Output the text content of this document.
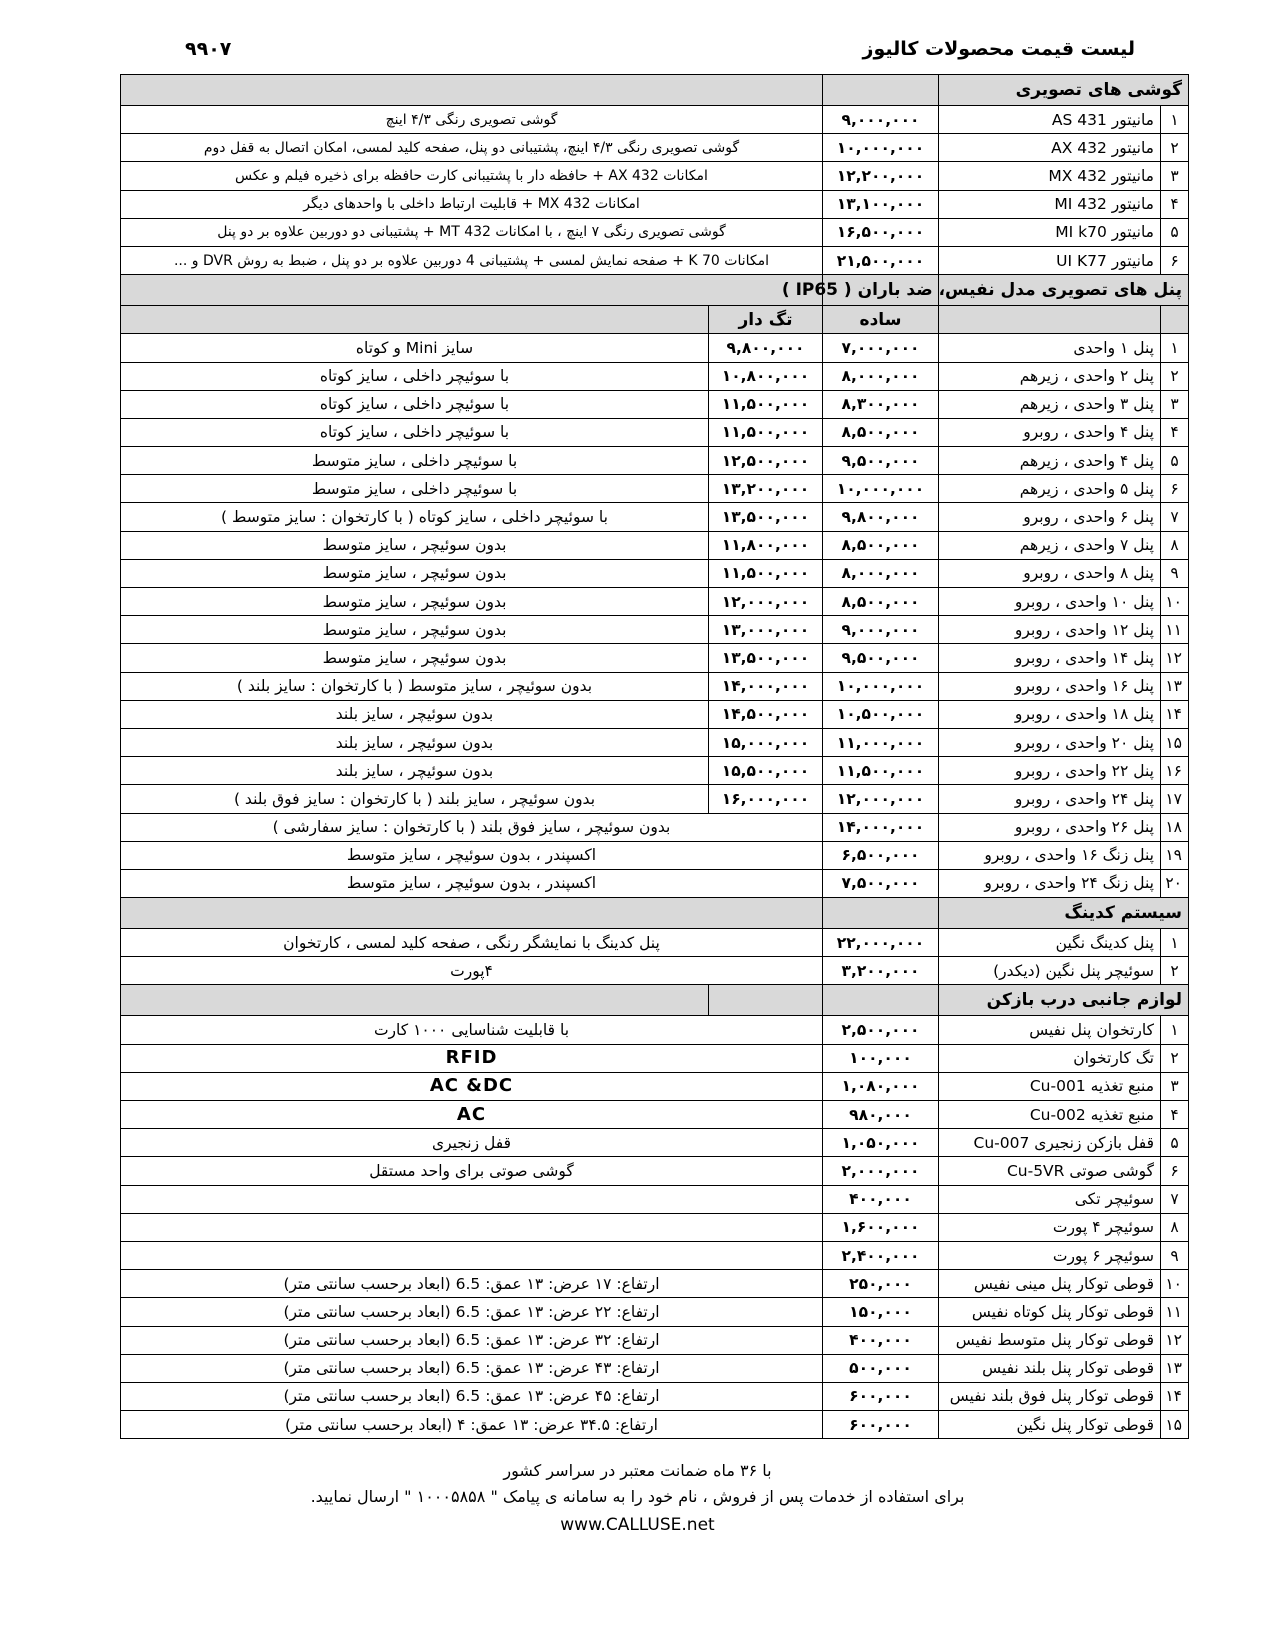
لیست قیمت محصولات کالیوز
۹۹۰۷
گوشی های تصویری				
۱	مانیتور AS 431	۹,۰۰۰,۰۰۰	گوشی تصویری رنگی ۴/۳ اینچ	
۲	مانیتور AX 432	۱۰,۰۰۰,۰۰۰	گوشی تصویری رنگی ۴/۳ اینچ، پشتیبانی دو پنل، صفحه کلید لمسی، امکان اتصال به قفل دوم	
۳	مانیتور MX 432	۱۲,۲۰۰,۰۰۰	امکانات AX 432 + حافظه دار با پشتیبانی کارت حافظه برای ذخیره فیلم و عکس	
۴	مانیتور MI 432	۱۳,۱۰۰,۰۰۰	امکانات MX 432 + قابلیت ارتباط داخلی با واحدهای دیگر	
۵	مانیتور MI k70	۱۶,۵۰۰,۰۰۰	گوشی تصویری رنگی ۷ اینچ ، با امکانات MT 432 + پشتیبانی دو دوربین علاوه بر دو پنل	
۶	مانیتور UI K77	۲۱,۵۰۰,۰۰۰	امکانات K 70 + صفحه نمایش لمسی + پشتیبانی 4 دوربین علاوه بر دو پنل ، ضبط به روش DVR و ...	
پنل های تصویری مدل نفیس، ضد باران ( IP65 )				
		ساده	تگ دار	
۱	پنل ۱ واحدی	۷,۰۰۰,۰۰۰	۹,۸۰۰,۰۰۰	سایز Mini و کوتاه
۲	پنل ۲ واحدی ، زیرهم	۸,۰۰۰,۰۰۰	۱۰,۸۰۰,۰۰۰	با سوئیچر داخلی ، سایز کوتاه
۳	پنل ۳ واحدی ، زیرهم	۸,۳۰۰,۰۰۰	۱۱,۵۰۰,۰۰۰	با سوئیچر داخلی ، سایز کوتاه
۴	پنل ۴ واحدی ، روبرو	۸,۵۰۰,۰۰۰	۱۱,۵۰۰,۰۰۰	با سوئیچر داخلی ، سایز کوتاه
۵	پنل ۴ واحدی ، زیرهم	۹,۵۰۰,۰۰۰	۱۲,۵۰۰,۰۰۰	با سوئیچر داخلی ، سایز متوسط
۶	پنل ۵ واحدی ، زیرهم	۱۰,۰۰۰,۰۰۰	۱۳,۲۰۰,۰۰۰	با سوئیچر داخلی ، سایز متوسط
۷	پنل ۶ واحدی ، روبرو	۹,۸۰۰,۰۰۰	۱۳,۵۰۰,۰۰۰	با سوئیچر داخلی ، سایز کوتاه ( با کارتخوان : سایز متوسط )
۸	پنل ۷ واحدی ، زیرهم	۸,۵۰۰,۰۰۰	۱۱,۸۰۰,۰۰۰	بدون سوئیچر ، سایز متوسط
۹	پنل ۸ واحدی ، روبرو	۸,۰۰۰,۰۰۰	۱۱,۵۰۰,۰۰۰	بدون سوئیچر ، سایز متوسط
۱۰	پنل ۱۰ واحدی ، روبرو	۸,۵۰۰,۰۰۰	۱۲,۰۰۰,۰۰۰	بدون سوئیچر ، سایز متوسط
۱۱	پنل ۱۲ واحدی ، روبرو	۹,۰۰۰,۰۰۰	۱۳,۰۰۰,۰۰۰	بدون سوئیچر ، سایز متوسط
۱۲	پنل ۱۴ واحدی ، روبرو	۹,۵۰۰,۰۰۰	۱۳,۵۰۰,۰۰۰	بدون سوئیچر ، سایز متوسط
۱۳	پنل ۱۶ واحدی ، روبرو	۱۰,۰۰۰,۰۰۰	۱۴,۰۰۰,۰۰۰	بدون سوئیچر ، سایز متوسط ( با کارتخوان : سایز بلند )
۱۴	پنل ۱۸ واحدی ، روبرو	۱۰,۵۰۰,۰۰۰	۱۴,۵۰۰,۰۰۰	بدون سوئیچر ، سایز بلند
۱۵	پنل ۲۰ واحدی ، روبرو	۱۱,۰۰۰,۰۰۰	۱۵,۰۰۰,۰۰۰	بدون سوئیچر ، سایز بلند
۱۶	پنل ۲۲ واحدی ، روبرو	۱۱,۵۰۰,۰۰۰	۱۵,۵۰۰,۰۰۰	بدون سوئیچر ، سایز بلند
۱۷	پنل ۲۴ واحدی ، روبرو	۱۲,۰۰۰,۰۰۰	۱۶,۰۰۰,۰۰۰	بدون سوئیچر ، سایز بلند ( با کارتخوان : سایز فوق بلند )
۱۸	پنل ۲۶ واحدی ، روبرو	۱۴,۰۰۰,۰۰۰	بدون سوئیچر ، سایز فوق بلند ( با کارتخوان : سایز سفارشی )	
۱۹	پنل زنگ ۱۶ واحدی ، روبرو	۶,۵۰۰,۰۰۰	اکسپندر ، بدون سوئیچر ، سایز متوسط	
۲۰	پنل زنگ ۲۴ واحدی ، روبرو	۷,۵۰۰,۰۰۰	اکسپندر ، بدون سوئیچر ، سایز متوسط	
سیستم کدینگ				
۱	پنل کدینگ نگین	۲۲,۰۰۰,۰۰۰	پنل کدینگ با نمایشگر رنگی ، صفحه کلید لمسی ، کارتخوان	
۲	سوئیچر پنل نگین (دیکدر)	۳,۲۰۰,۰۰۰	۴پورت	
لوازم جانبی درب بازکن				
۱	کارتخوان پنل نفیس	۲,۵۰۰,۰۰۰	با قابلیت شناسایی ۱۰۰۰ کارت	
۲	تگ کارتخوان	۱۰۰,۰۰۰	RFID	
۳	منبع تغذیه Cu-001	۱,۰۸۰,۰۰۰	AC &DC	
۴	منبع تغذیه Cu-002	۹۸۰,۰۰۰	AC	
۵	قفل بازکن زنجیری Cu-007	۱,۰۵۰,۰۰۰	قفل زنجیری	
۶	گوشی صوتی Cu-5VR	۲,۰۰۰,۰۰۰	گوشی صوتی برای واحد مستقل	
۷	سوئیچر تکی	۴۰۰,۰۰۰		
۸	سوئیچر ۴ پورت	۱,۶۰۰,۰۰۰		
۹	سوئیچر ۶ پورت	۲,۴۰۰,۰۰۰		
۱۰	قوطی توکار پنل مینی نفیس	۲۵۰,۰۰۰	ارتفاع: ۱۷ عرض: ۱۳ عمق: 6.5 (ابعاد برحسب سانتی متر)	
۱۱	قوطی توکار پنل کوتاه نفیس	۱۵۰,۰۰۰	ارتفاع: ۲۲ عرض: ۱۳ عمق: 6.5 (ابعاد برحسب سانتی متر)	
۱۲	قوطی توکار پنل متوسط نفیس	۴۰۰,۰۰۰	ارتفاع: ۳۲ عرض: ۱۳ عمق: 6.5 (ابعاد برحسب سانتی متر)	
۱۳	قوطی توکار پنل بلند نفیس	۵۰۰,۰۰۰	ارتفاع: ۴۳ عرض: ۱۳ عمق: 6.5 (ابعاد برحسب سانتی متر)	
۱۴	قوطی توکار پنل فوق بلند نفیس	۶۰۰,۰۰۰	ارتفاع: ۴۵ عرض: ۱۳ عمق: 6.5 (ابعاد برحسب سانتی متر)	
۱۵	قوطی توکار پنل نگین	۶۰۰,۰۰۰	ارتفاع: ۳۴.۵ عرض: ۱۳ عمق: ۴ (ابعاد برحسب سانتی متر)	
با ۳۶ ماه ضمانت معتبر در سراسر کشور
برای استفاده از خدمات پس از فروش ، نام خود را به سامانه ی پیامک " ۱۰۰۰۵۸۵۸ " ارسال نمایید.
www.CALLUSE.net
